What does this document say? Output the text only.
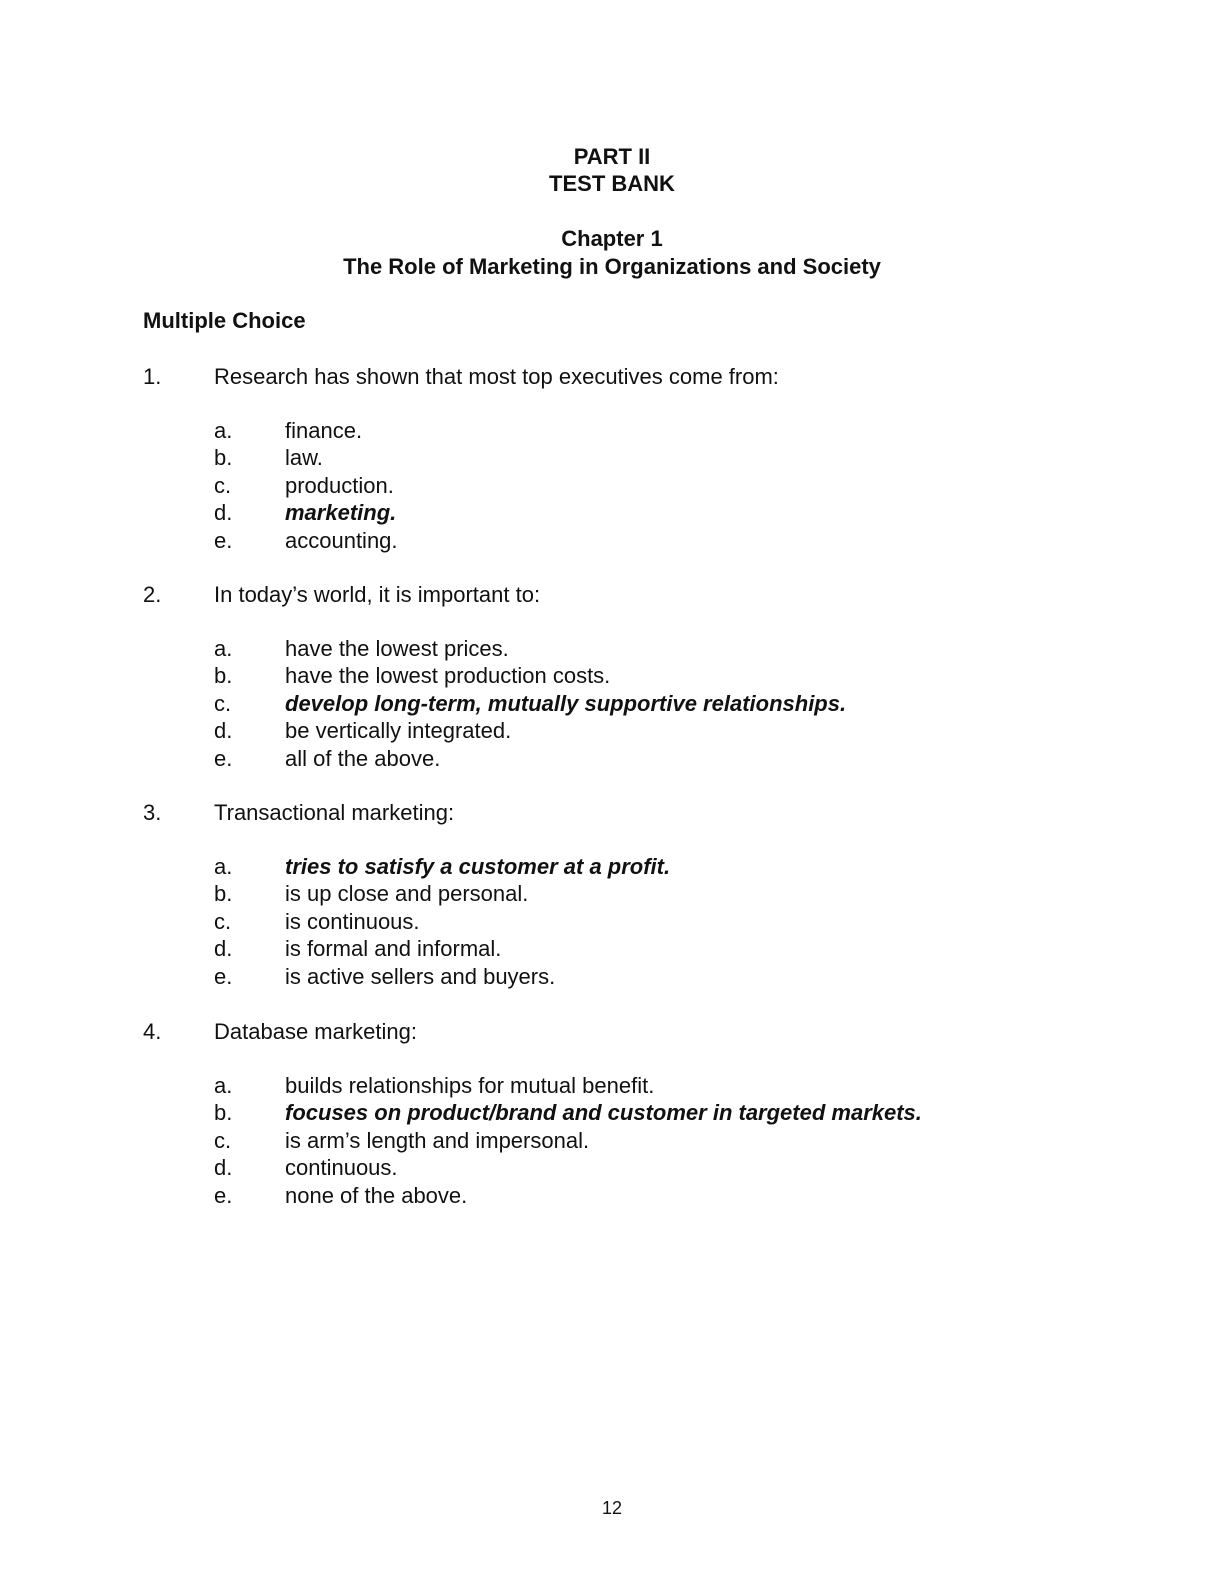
PART II
TEST BANK
Chapter 1
The Role of Marketing in Organizations and Society
Multiple Choice
1. Research has shown that most top executives come from:
a. finance.
b. law.
c. production.
d. marketing.
e. accounting.
2. In today’s world, it is important to:
a. have the lowest prices.
b. have the lowest production costs.
c. develop long-term, mutually supportive relationships.
d. be vertically integrated.
e. all of the above.
3. Transactional marketing:
a. tries to satisfy a customer at a profit.
b. is up close and personal.
c. is continuous.
d. is formal and informal.
e. is active sellers and buyers.
4. Database marketing:
a. builds relationships for mutual benefit.
b. focuses on product/brand and customer in targeted markets.
c. is arm’s length and impersonal.
d. continuous.
e. none of the above.
12
